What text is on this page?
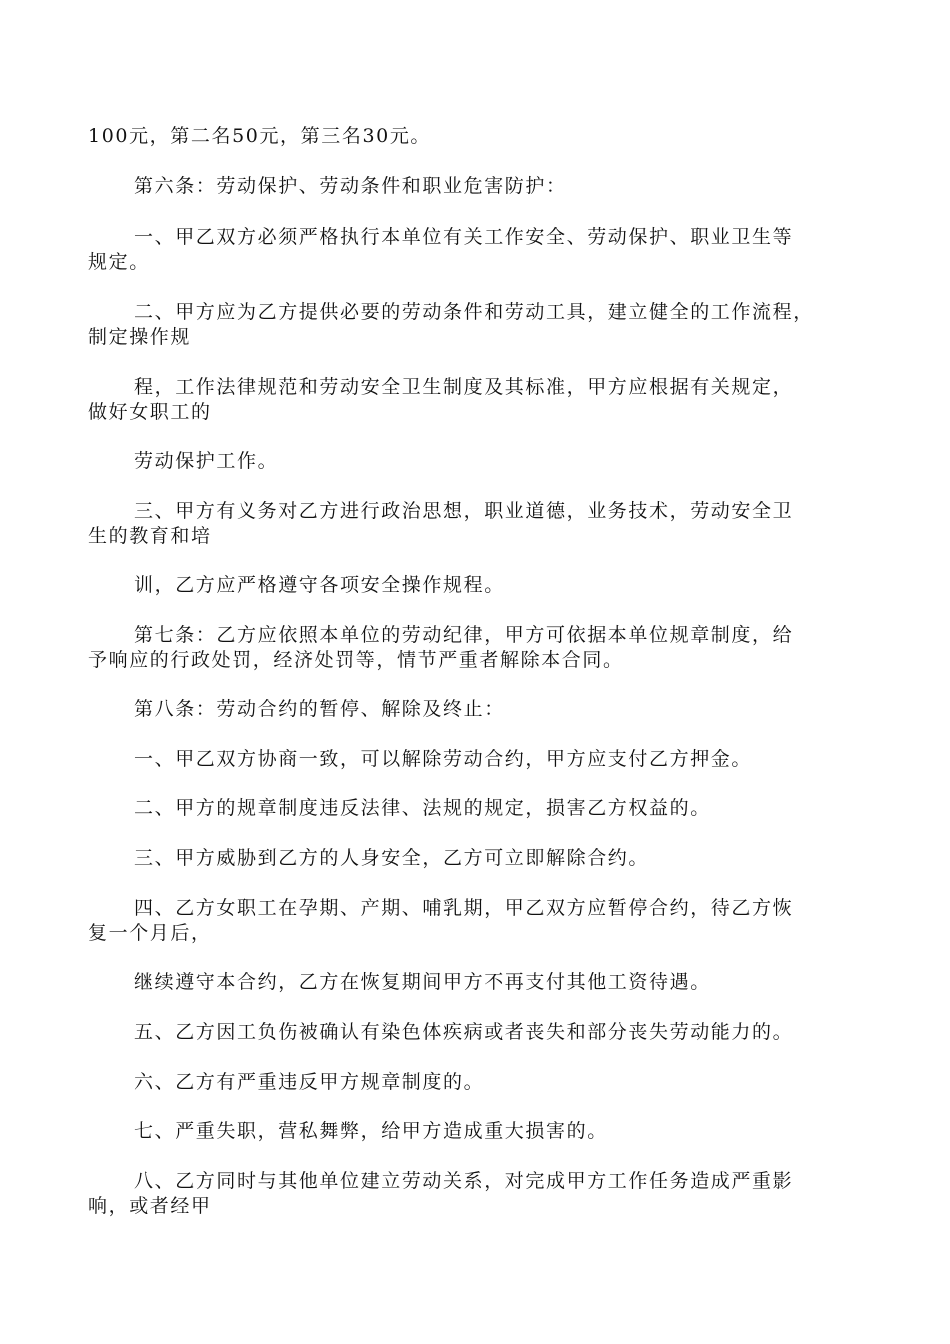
100元，第二名50元，第三名30元。

第六条：劳动保护、劳动条件和职业危害防护：

一、甲乙双方必须严格执行本单位有关工作安全、劳动保护、职业卫生等
规定。

二、甲方应为乙方提供必要的劳动条件和劳动工具，建立健全的工作流程，
制定操作规

程，工作法律规范和劳动安全卫生制度及其标准，甲方应根据有关规定，
做好女职工的

劳动保护工作。

三、甲方有义务对乙方进行政治思想，职业道德，业务技术，劳动安全卫
生的教育和培

训，乙方应严格遵守各项安全操作规程。

第七条：乙方应依照本单位的劳动纪律，甲方可依据本单位规章制度，给
予响应的行政处罚，经济处罚等，情节严重者解除本合同。

第八条：劳动合约的暂停、解除及终止：

一、甲乙双方协商一致，可以解除劳动合约，甲方应支付乙方押金。

二、甲方的规章制度违反法律、法规的规定，损害乙方权益的。

三、甲方威胁到乙方的人身安全，乙方可立即解除合约。

四、乙方女职工在孕期、产期、哺乳期，甲乙双方应暂停合约，待乙方恢
复一个月后，

继续遵守本合约，乙方在恢复期间甲方不再支付其他工资待遇。

五、乙方因工负伤被确认有染色体疾病或者丧失和部分丧失劳动能力的。

六、乙方有严重违反甲方规章制度的。

七、严重失职，营私舞弊，给甲方造成重大损害的。

八、乙方同时与其他单位建立劳动关系，对完成甲方工作任务造成严重影
响，或者经甲
